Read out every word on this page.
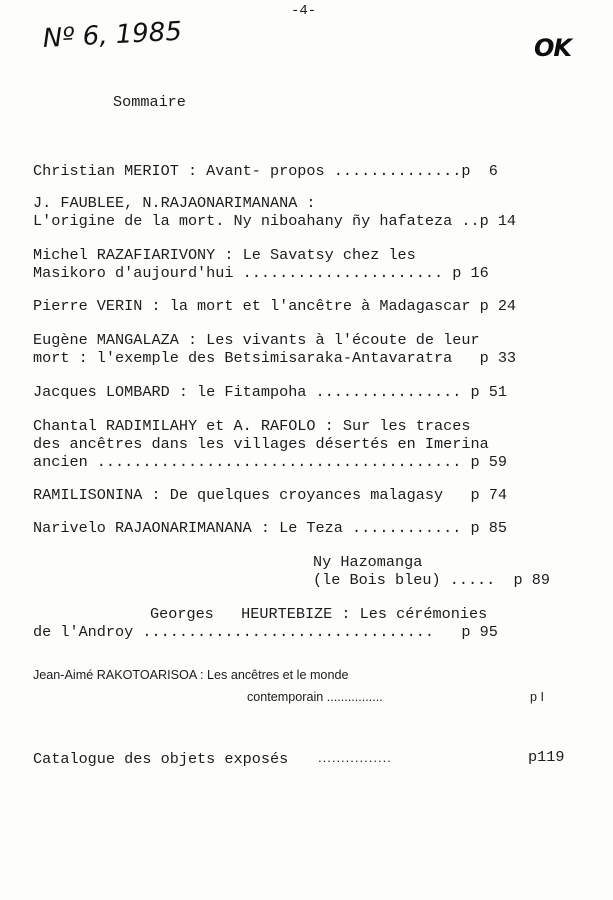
-4-
Nº 6, 1985	OK
Sommaire
Christian MERIOT : Avant- propos ..............p  6
J. FAUBLEE, N.RAJAONARIMANANA :
L'origine de la mort. Ny niboahany ñy hafateza ..p 14
Michel RAZAFIARIVONY : Le Savatsy chez les
Masikoro d'aujourd'hui ...................... p 16
Pierre VERIN : la mort et l'ancêtre à Madagascar p 24
Eugène MANGALAZA : Les vivants à l'écoute de leur
mort : l'exemple des Betsimisaraka-Antavaratra   p 33
Jacques LOMBARD : le Fitampoha ................ p 51
Chantal RADIMILAHY et A. RAFOLO : Sur les traces
des ancêtres dans les villages désertés en Imerina
ancien ........................................ p 59
RAMILISONINA : De quelques croyances malagasy   p 74
Narivelo RAJAONARIMANANA : Le Teza ............ p 85
Ny Hazomanga
(le Bois bleu) .....  p 89
Georges   HEURTEBIZE : Les cérémonies
de l'Androy ................................   p 95
Jean-Aimé RAKOTOARISOA : Les ancêtres et le monde
contemporain ................	p I
Catalogue des objets exposés ................	p119
